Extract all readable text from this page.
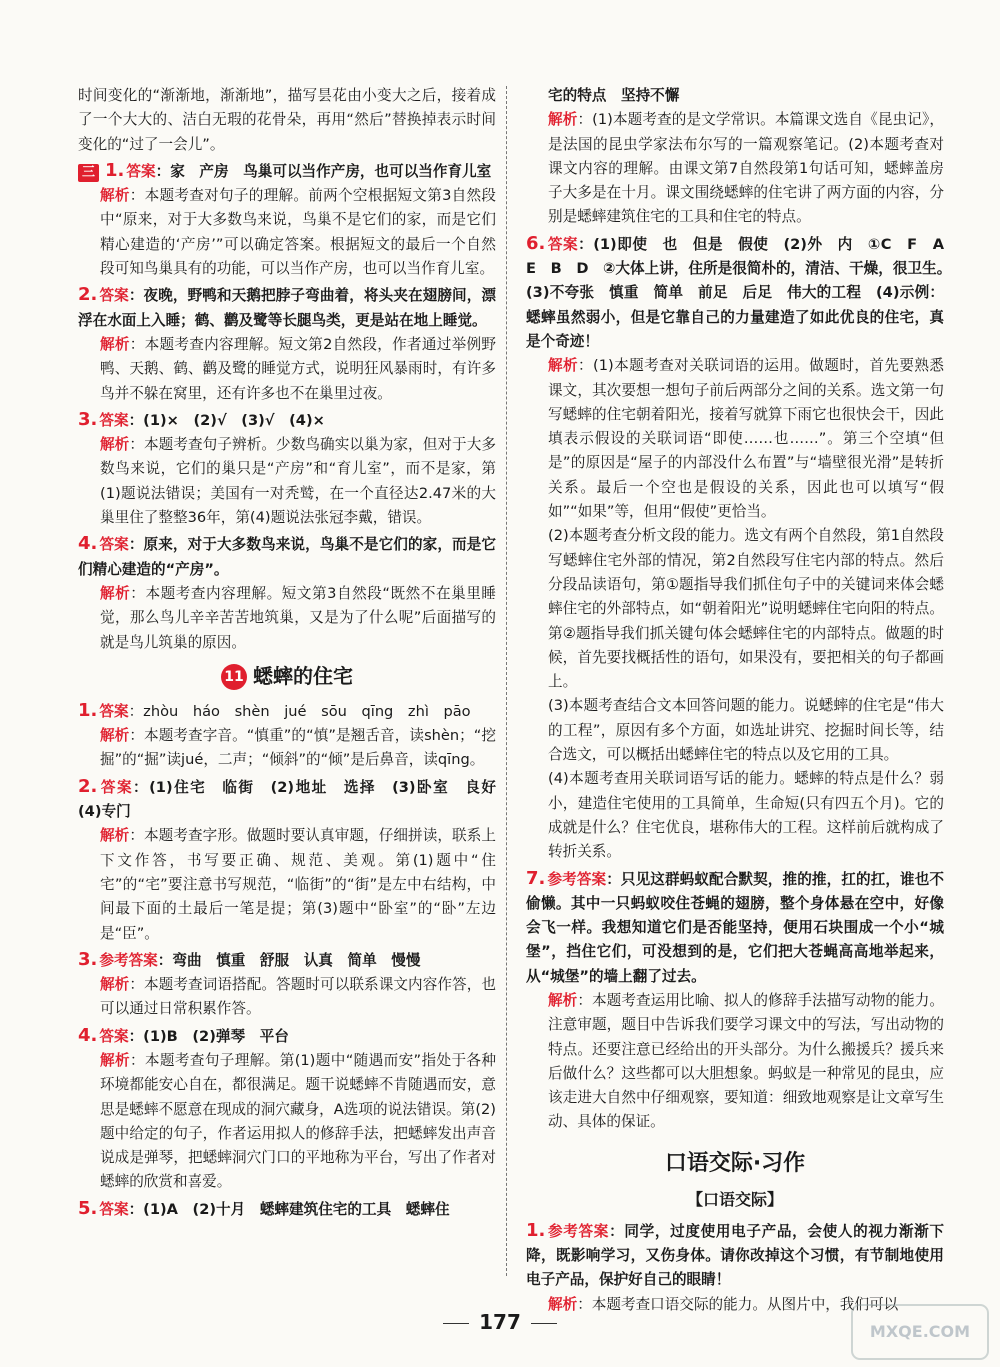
时间变化的“渐渐地，渐渐地”，描写昙花由小变大之后，接着成了一个大大的、洁白无瑕的花骨朵，再用“然后”替换掉表示时间变化的“过了一会儿”。

三 1. 答案：家　产房　鸟巢可以当作产房，也可以当作育儿室

解析：本题考查对句子的理解。前两个空根据短文第3自然段中“原来，对于大多数鸟来说，鸟巢不是它们的家，而是它们精心建造的‘产房’”可以确定答案。根据短文的最后一个自然段可知鸟巢具有的功能，可以当作产房，也可以当作育儿室。

2. 答案：夜晚，野鸭和天鹅把脖子弯曲着，将头夹在翅膀间，漂浮在水面上入睡；鹤、鹳及鹭等长腿鸟类，更是站在地上睡觉。

解析：本题考查内容理解。短文第2自然段，作者通过举例野鸭、天鹅、鹤、鹳及鹭的睡觉方式，说明狂风暴雨时，有许多鸟并不躲在窝里，还有许多也不在巢里过夜。

3. 答案：(1)×　(2)√　(3)√　(4)×

解析：本题考查句子辨析。少数鸟确实以巢为家，但对于大多数鸟来说，它们的巢只是“产房”和“育儿室”，而不是家，第(1)题说法错误；美国有一对秃鹫，在一个直径达2.47米的大巢里住了整整36年，第(4)题说法张冠李戴，错误。

4. 答案：原来，对于大多数鸟来说，鸟巢不是它们的家，而是它们精心建造的“产房”。

解析：本题考查内容理解。短文第3自然段“既然不在巢里睡觉，那么鸟儿辛辛苦苦地筑巢，又是为了什么呢”后面描写的就是鸟儿筑巢的原因。

11 蟋蟀的住宅

1. 答案：zhòu　háo　shèn　jué　sōu　qīng　zhì　pāo

解析：本题考查字音。“慎重”的“慎”是翘舌音，读shèn；“挖掘”的“掘”读jué，二声；“倾斜”的“倾”是后鼻音，读qīng。

2. 答案：(1)住宅　临街　(2)地址　选择　(3)卧室　良好　(4)专门

解析：本题考查字形。做题时要认真审题，仔细拼读，联系上下文作答，书写要正确、规范、美观。第(1)题中“住宅”的“宅”要注意书写规范，“临街”的“街”是左中右结构，中间最下面的土最后一笔是提；第(3)题中“卧室”的“卧”左边是“臣”。

3. 参考答案：弯曲　慎重　舒服　认真　简单　慢慢

解析：本题考查词语搭配。答题时可以联系课文内容作答，也可以通过日常积累作答。

4. 答案：(1)B　(2)弹琴　平台

解析：本题考查句子理解。第(1)题中“随遇而安”指处于各种环境都能安心自在，都很满足。题干说蟋蟀不肯随遇而安，意思是蟋蟀不愿意在现成的洞穴藏身，A选项的说法错误。第(2)题中给定的句子，作者运用拟人的修辞手法，把蟋蟀发出声音说成是弹琴，把蟋蟀洞穴门口的平地称为平台，写出了作者对蟋蟀的欣赏和喜爱。

5. 答案：(1)A　(2)十月　蟋蟀建筑住宅的工具　蟋蟀住

宅的特点　坚持不懈

解析：(1)本题考查的是文学常识。本篇课文选自《昆虫记》，是法国的昆虫学家法布尔写的一篇观察笔记。(2)本题考查对课文内容的理解。由课文第7自然段第1句话可知，蟋蟀盖房子大多是在十月。课文围绕蟋蟀的住宅讲了两方面的内容，分别是蟋蟀建筑住宅的工具和住宅的特点。

6. 答案：(1)即使　也　但是　假使　(2)外　内　①C　F　A　E　B　D　②大体上讲，住所是很简朴的，清洁、干燥，很卫生。　(3)不夸张　慎重　简单　前足　后足　伟大的工程　(4)示例：蟋蟀虽然弱小，但是它靠自己的力量建造了如此优良的住宅，真是个奇迹！

解析：(1)本题考查对关联词语的运用。做题时，首先要熟悉课文，其次要想一想句子前后两部分之间的关系。选文第一句写蟋蟀的住宅朝着阳光，接着写就算下雨它也很快会干，因此填表示假设的关联词语“即使……也……”。第三个空填“但是”的原因是“屋子的内部没什么布置”与“墙壁很光滑”是转折关系。最后一个空也是假设的关系，因此也可以填写“假如”“如果”等，但用“假使”更恰当。

(2)本题考查分析文段的能力。选文有两个自然段，第1自然段写蟋蟀住宅外部的情况，第2自然段写住宅内部的特点。然后分段品读语句，第①题指导我们抓住句子中的关键词来体会蟋蟀住宅的外部特点，如“朝着阳光”说明蟋蟀住宅向阳的特点。第②题指导我们抓关键句体会蟋蟀住宅的内部特点。做题的时候，首先要找概括性的语句，如果没有，要把相关的句子都画上。

(3)本题考查结合文本回答问题的能力。说蟋蟀的住宅是“伟大的工程”，原因有多个方面，如选址讲究、挖掘时间长等，结合选文，可以概括出蟋蟀住宅的特点以及它用的工具。

(4)本题考查用关联词语写话的能力。蟋蟀的特点是什么？弱小，建造住宅使用的工具简单，生命短(只有四五个月)。它的成就是什么？住宅优良，堪称伟大的工程。这样前后就构成了转折关系。

7. 参考答案：只见这群蚂蚁配合默契，推的推，扛的扛，谁也不偷懒。其中一只蚂蚁咬住苍蝇的翅膀，整个身体悬在空中，好像会飞一样。我想知道它们是否能坚持，便用石块围成一个小“城堡”，挡住它们，可没想到的是，它们把大苍蝇高高地举起来，从“城堡”的墙上翻了过去。

解析：本题考查运用比喻、拟人的修辞手法描写动物的能力。注意审题，题目中告诉我们要学习课文中的写法，写出动物的特点。还要注意已经给出的开头部分。为什么搬援兵？援兵来后做什么？这些都可以大胆想象。蚂蚁是一种常见的昆虫，应该走进大自然中仔细观察，要知道：细致地观察是让文章写生动、具体的保证。

口语交际·习作
【口语交际】

1. 参考答案：同学，过度使用电子产品，会使人的视力渐渐下降，既影响学习，又伤身体。请你改掉这个习惯，有节制地使用电子产品，保护好自己的眼睛！

解析：本题考查口语交际的能力。从图片中，我们可以

177	MXQE.COM
